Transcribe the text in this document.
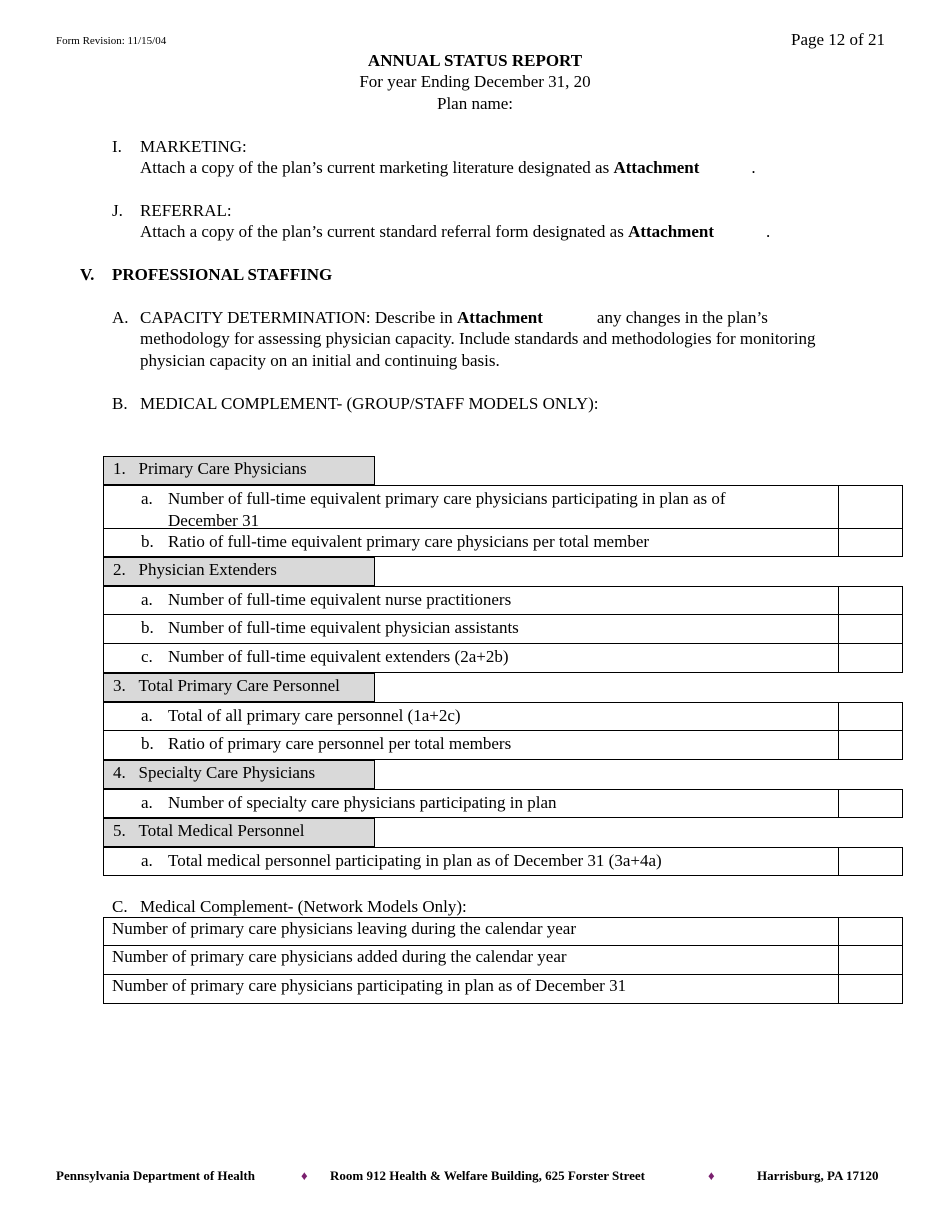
Form Revision: 11/15/04	Page 12 of 21
ANNUAL STATUS REPORT
For year Ending December 31, 20
Plan name:
I. MARKETING:
Attach a copy of the plan’s current marketing literature designated as Attachment	.
J. REFERRAL:
Attach a copy of the plan’s current standard referral form designated as Attachment	.
V. PROFESSIONAL STAFFING
A. CAPACITY DETERMINATION: Describe in Attachment	any changes in the plan’s
methodology for assessing physician capacity. Include standards and methodologies for monitoring
physician capacity on an initial and continuing basis.
B. MEDICAL COMPLEMENT- (GROUP/STAFF MODELS ONLY):
1. Primary Care Physicians
a. Number of full-time equivalent primary care physicians participating in plan as of
December 31
b. Ratio of full-time equivalent primary care physicians per total member
2. Physician Extenders
a. Number of full-time equivalent nurse practitioners
b. Number of full-time equivalent physician assistants
c. Number of full-time equivalent extenders (2a+2b)
3. Total Primary Care Personnel
a. Total of all primary care personnel (1a+2c)
b. Ratio of primary care personnel per total members
4. Specialty Care Physicians
a. Number of specialty care physicians participating in plan
5. Total Medical Personnel
a. Total medical personnel participating in plan as of December 31 (3a+4a)
C. Medical Complement- (Network Models Only):
Number of primary care physicians leaving during the calendar year
Number of primary care physicians added during the calendar year
Number of primary care physicians participating in plan as of December 31
Pennsylvania Department of Health	♦ Room 912 Health & Welfare Building, 625 Forster Street	♦	Harrisburg, PA 17120
